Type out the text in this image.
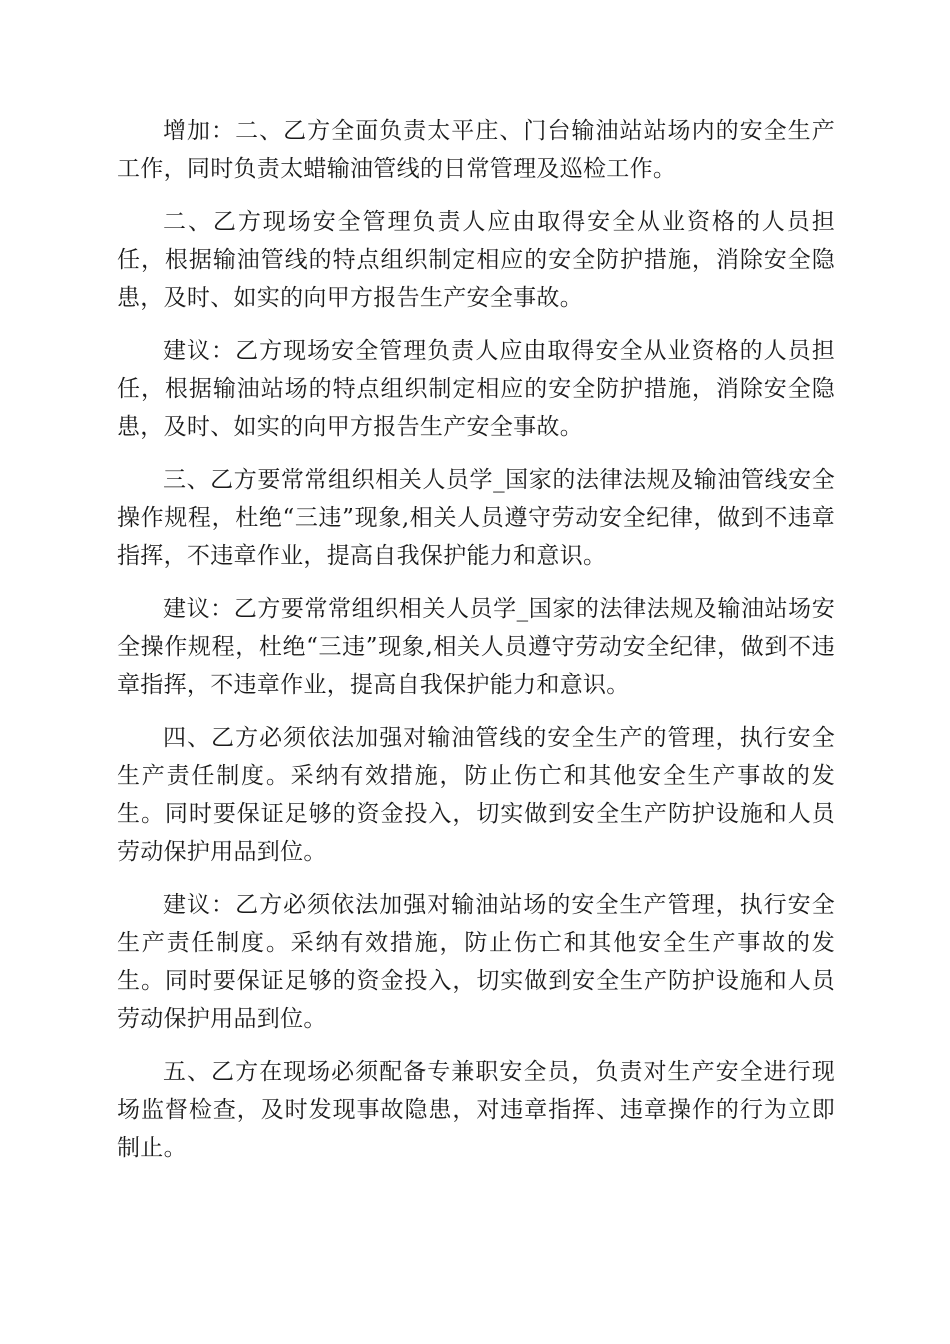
增加：二、乙方全面负责太平庄、门台输油站站场内的安全生产工作，同时负责太蜡输油管线的日常管理及巡检工作。

二、乙方现场安全管理负责人应由取得安全从业资格的人员担任，根据输油管线的特点组织制定相应的安全防护措施，消除安全隐患，及时、如实的向甲方报告生产安全事故。

建议：乙方现场安全管理负责人应由取得安全从业资格的人员担任，根据输油站场的特点组织制定相应的安全防护措施，消除安全隐患，及时、如实的向甲方报告生产安全事故。

三、乙方要常常组织相关人员学_国家的法律法规及输油管线安全操作规程，杜绝“三违”现象,相关人员遵守劳动安全纪律，做到不违章指挥，不违章作业，提高自我保护能力和意识。

建议：乙方要常常组织相关人员学_国家的法律法规及输油站场安全操作规程，杜绝“三违”现象,相关人员遵守劳动安全纪律，做到不违章指挥，不违章作业，提高自我保护能力和意识。

四、乙方必须依法加强对输油管线的安全生产的管理，执行安全生产责任制度。采纳有效措施，防止伤亡和其他安全生产事故的发生。同时要保证足够的资金投入，切实做到安全生产防护设施和人员劳动保护用品到位。

建议：乙方必须依法加强对输油站场的安全生产管理，执行安全生产责任制度。采纳有效措施，防止伤亡和其他安全生产事故的发生。同时要保证足够的资金投入，切实做到安全生产防护设施和人员劳动保护用品到位。

五、乙方在现场必须配备专兼职安全员，负责对生产安全进行现场监督检查，及时发现事故隐患，对违章指挥、违章操作的行为立即制止。
